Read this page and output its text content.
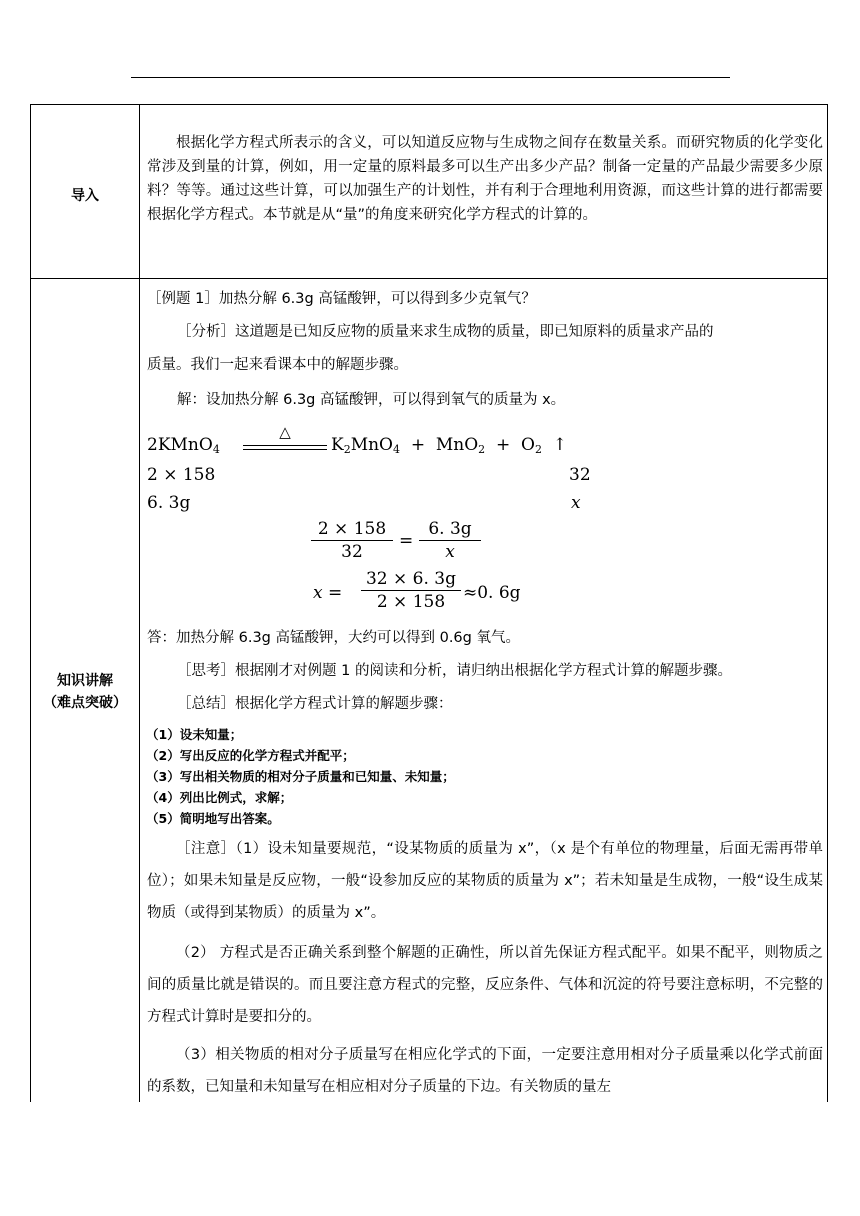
导入
根据化学方程式所表示的含义，可以知道反应物与生成物之间存在数量关系。而研究物质的化学变化常涉及到量的计算，例如，用一定量的原料最多可以生产出多少产品？制备一定量的产品最少需要多少原料？等等。通过这些计算，可以加强生产的计划性，并有利于合理地利用资源，而这些计算的进行都需要根据化学方程式。本节就是从“量”的角度来研究化学方程式的计算的。
知识讲解
（难点突破）
［例题 1］加热分解 6.3g 高锰酸钾，可以得到多少克氧气？
［分析］这道题是已知反应物的质量来求生成物的质量，即已知原料的质量求产品的
质量。我们一起来看课本中的解题步骤。
解：设加热分解 6.3g 高锰酸钾，可以得到氧气的质量为 x。
2KMnO$_4$
△
$K_2MnO_4 + MnO_2 + O_2$ ↑
2 × 158	32
6. 3g	x
2 × 158
32
=
6. 3g
x
x =
32 × 6. 3g
2 × 158	≈0. 6g
答：加热分解 6.3g 高锰酸钾，大约可以得到 0.6g 氧气。
［思考］根据刚才对例题 1 的阅读和分析，请归纳出根据化学方程式计算的解题步骤。
［总结］根据化学方程式计算的解题步骤：
（1）设未知量；
（2）写出反应的化学方程式并配平；
（3）写出相关物质的相对分子质量和已知量、未知量；
（4）列出比例式，求解；
（5）简明地写出答案。
［注意］（1）设未知量要规范，“设某物质的质量为 x”，（x 是个有单位的物理量，后面无需再带单位）；如果未知量是反应物，一般“设参加反应的某物质的质量为 x”；若未知量是生成物，一般“设生成某物质（或得到某物质）的质量为 x”。
（2） 方程式是否正确关系到整个解题的正确性，所以首先保证方程式配平。如果不配平，则物质之间的质量比就是错误的。而且要注意方程式的完整，反应条件、气体和沉淀的符号要注意标明，不完整的方程式计算时是要扣分的。
（3）相关物质的相对分子质量写在相应化学式的下面，一定要注意用相对分子质量乘以化学式前面的系数，已知量和未知量写在相应相对分子质量的下边。有关物质的量左
